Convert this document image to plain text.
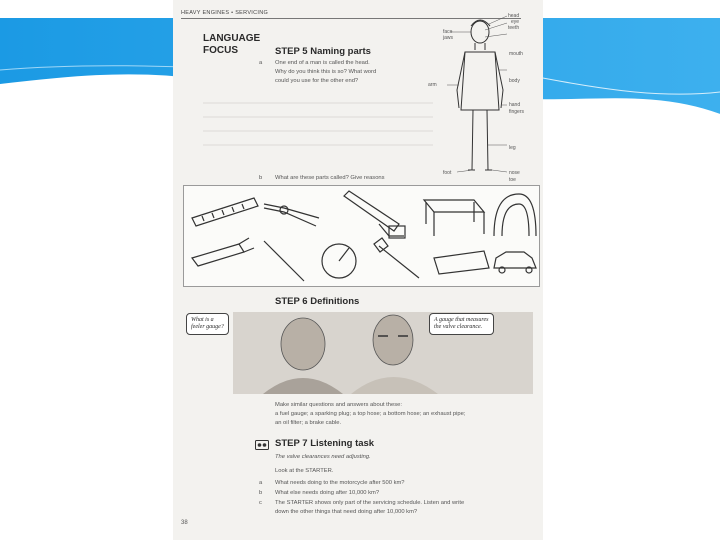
HEAVY ENGINES • SERVICING
LANGUAGE
FOCUS	STEP 5 Naming parts
a One end of a man is called the head.
Why do you think this is so? What word
could you use for the other end?
head
eye
face
teeth
jaws
mouth
body
arm
hand
fingers
leg
foot	nose
toe
b What are these parts called? Give reasons
STEP 6 Definitions
What is a
feeler gauge?
A gauge that measures
the valve clearance.
Make similar questions and answers about these:
a fuel gauge; a sparking plug; a top hose; a bottom hose; an exhaust pipe;
an oil filter; a brake cable.
STEP 7 Listening task
The valve clearances need adjusting.
Look at the STARTER.
a What needs doing to the motorcycle after 500 km?
b What else needs doing after 10,000 km?
c The STARTER shows only part of the servicing schedule. Listen and write
down the other things that need doing after 10,000 km?
38
